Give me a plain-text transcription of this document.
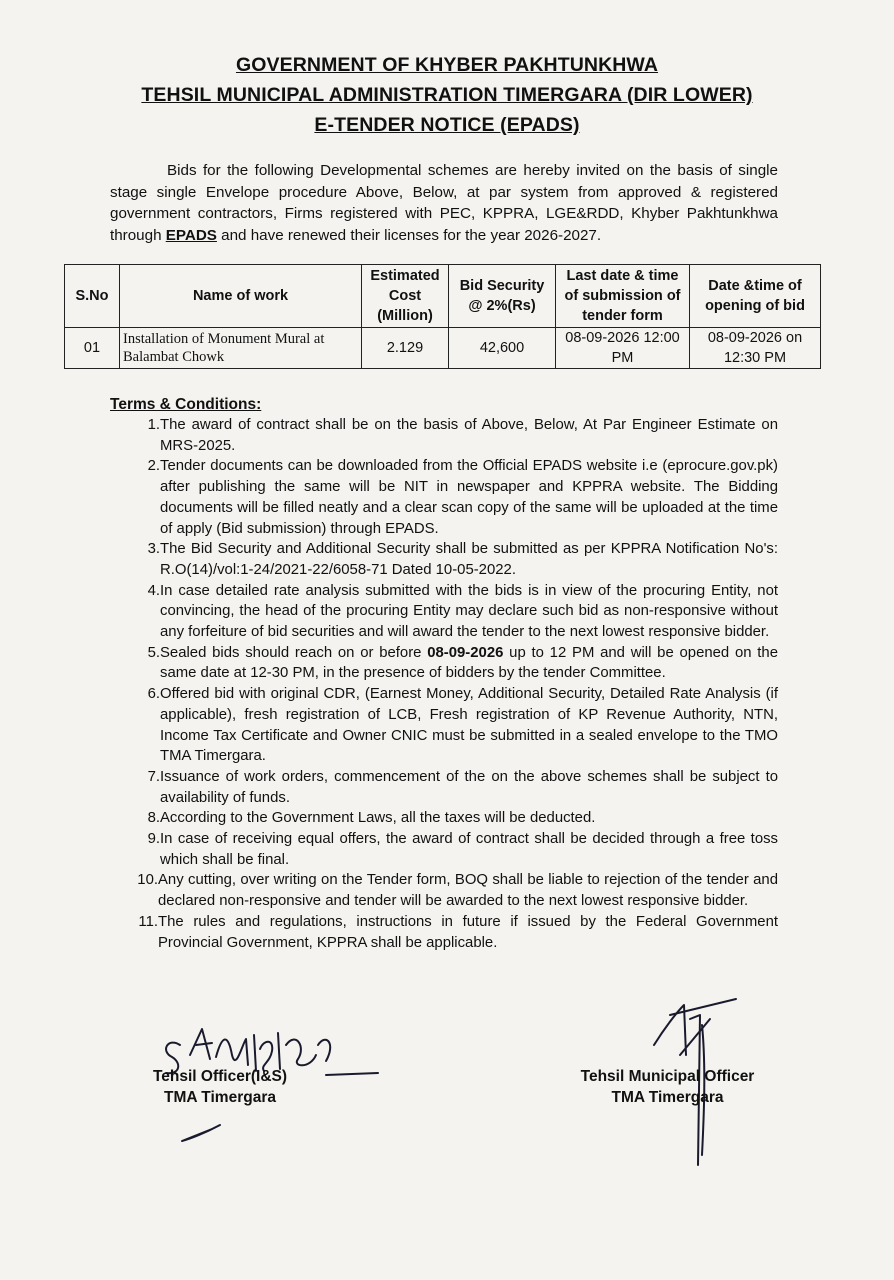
GOVERNMENT OF KHYBER PAKHTUNKHWA
TEHSIL MUNICIPAL ADMINISTRATION TIMERGARA (DIR LOWER)
E-TENDER NOTICE (EPADS)
Bids for the following Developmental schemes are hereby invited on the basis of single stage single Envelope procedure Above, Below, at par system from approved & registered government contractors, Firms registered with PEC, KPPRA, LGE&RDD, Khyber Pakhtunkhwa through EPADS and have renewed their licenses for the year 2026-2027.
S.No	Name of work	Estimated Cost (Million)	Bid Security @ 2%(Rs)	Last date & time of submission of tender form	Date &time of opening of bid
01	Installation of Monument Mural at Balambat Chowk	2.129	42,600	08-09-2026 12:00 PM	08-09-2026 on 12:30 PM
Terms & Conditions:
1. The award of contract shall be on the basis of Above, Below, At Par Engineer Estimate on MRS-2025.
2. Tender documents can be downloaded from the Official EPADS website i.e (eprocure.gov.pk) after publishing the same will be NIT in newspaper and KPPRA website. The Bidding documents will be filled neatly and a clear scan copy of the same will be uploaded at the time of apply (Bid submission) through EPADS.
3. The Bid Security and Additional Security shall be submitted as per KPPRA Notification No's: R.O(14)/vol:1-24/2021-22/6058-71 Dated 10-05-2022.
4. In case detailed rate analysis submitted with the bids is in view of the procuring Entity, not convincing, the head of the procuring Entity may declare such bid as non-responsive without any forfeiture of bid securities and will award the tender to the next lowest responsive bidder.
5. Sealed bids should reach on or before 08-09-2026 up to 12 PM and will be opened on the same date at 12-30 PM, in the presence of bidders by the tender Committee.
6. Offered bid with original CDR, (Earnest Money, Additional Security, Detailed Rate Analysis (if applicable), fresh registration of LCB, Fresh registration of KP Revenue Authority, NTN, Income Tax Certificate and Owner CNIC must be submitted in a sealed envelope to the TMO TMA Timergara.
7. Issuance of work orders, commencement of the on the above schemes shall be subject to availability of funds.
8. According to the Government Laws, all the taxes will be deducted.
9. In case of receiving equal offers, the award of contract shall be decided through a free toss which shall be final.
10. Any cutting, over writing on the Tender form, BOQ shall be liable to rejection of the tender and declared non-responsive and tender will be awarded to the next lowest responsive bidder.
11. The rules and regulations, instructions in future if issued by the Federal Government Provincial Government, KPPRA shall be applicable.
Tehsil Officer(I&S)
TMA Timergara
Tehsil Municipal Officer
TMA Timergara
